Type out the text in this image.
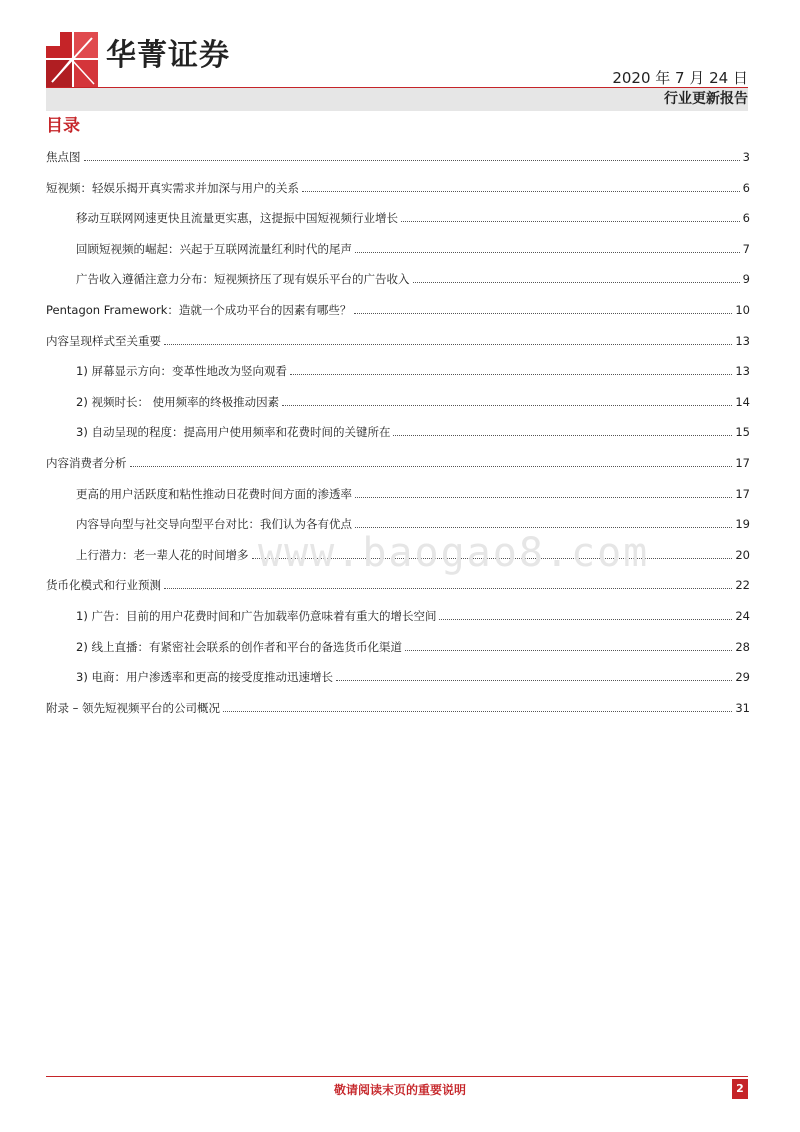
华菁证券
2020 年 7 月 24 日
行业更新报告
目录
焦点图	3
短视频：轻娱乐揭开真实需求并加深与用户的关系	6
移动互联网网速更快且流量更实惠，这提振中国短视频行业增长	6
回顾短视频的崛起：兴起于互联网流量红利时代的尾声	7
广告收入遵循注意力分布：短视频挤压了现有娱乐平台的广告收入	9
Pentagon Framework：造就一个成功平台的因素有哪些？	10
内容呈现样式至关重要	13
1) 屏幕显示方向：变革性地改为竖向观看	13
2) 视频时长： 使用频率的终极推动因素	14
3) 自动呈现的程度：提高用户使用频率和花费时间的关键所在	15
内容消费者分析	17
更高的用户活跃度和粘性推动日花费时间方面的渗透率	17
内容导向型与社交导向型平台对比：我们认为各有优点	19
上行潜力：老一辈人花的时间增多	20
货币化模式和行业预测	22
1) 广告：目前的用户花费时间和广告加载率仍意味着有重大的增长空间	24
2) 线上直播：有紧密社会联系的创作者和平台的备选货币化渠道	28
3) 电商：用户渗透率和更高的接受度推动迅速增长	29
附录 – 领先短视频平台的公司概况	31
www.baogao8.com
敬请阅读末页的重要说明	2
